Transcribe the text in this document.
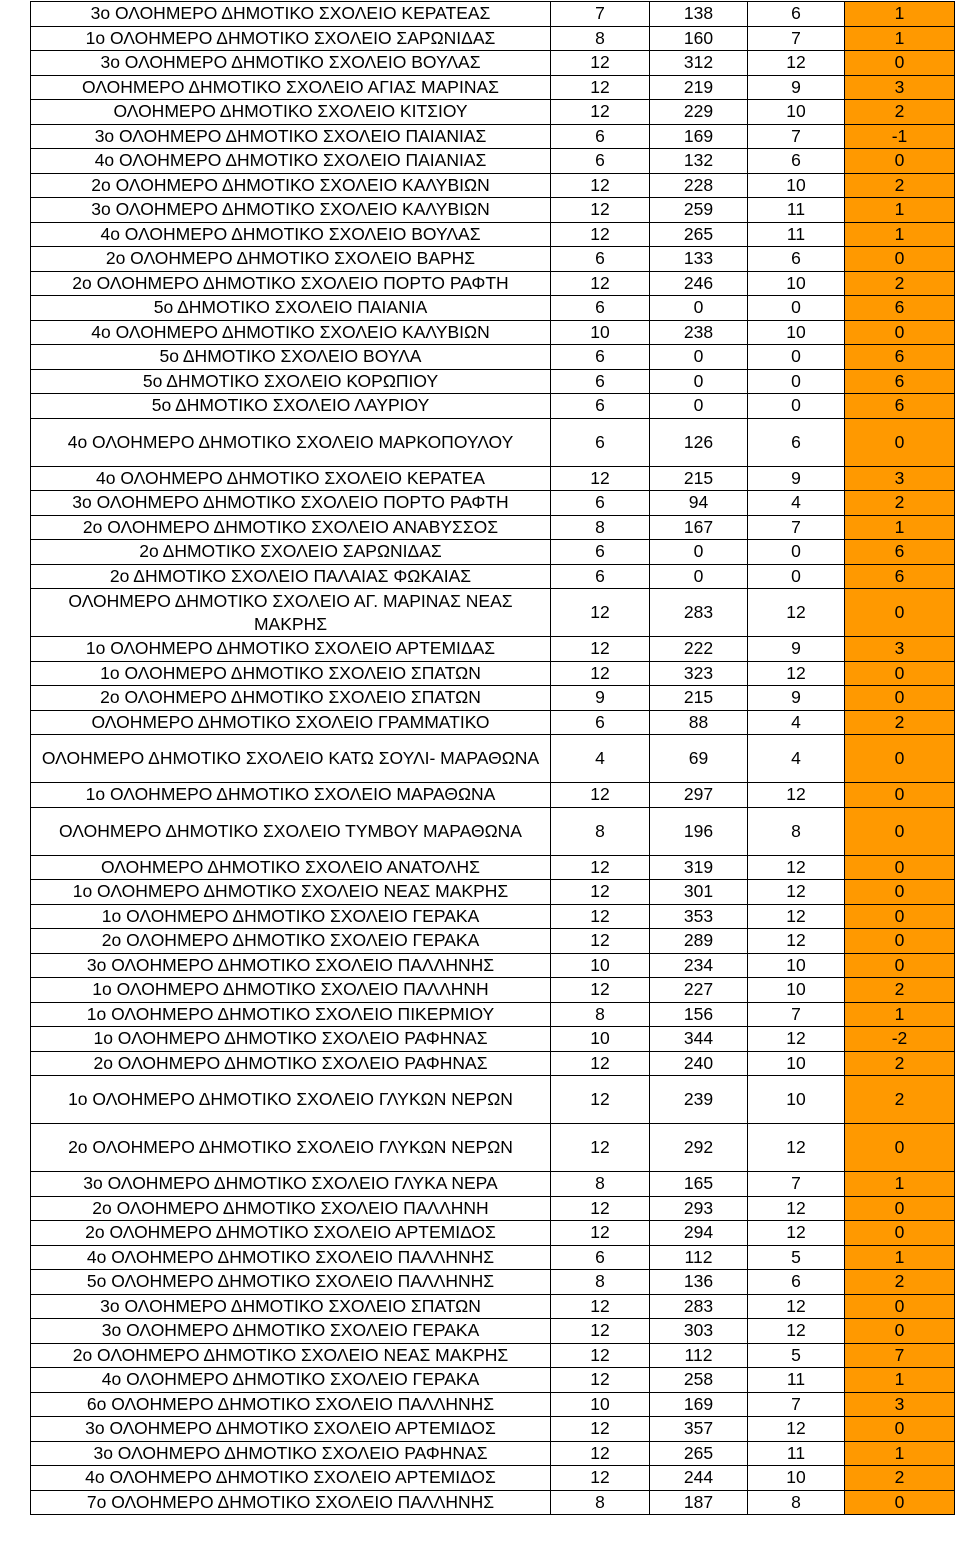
3ο ΟΛΟΗΜΕΡΟ ΔΗΜΟΤΙΚΟ ΣΧΟΛΕΙΟ ΚΕΡΑΤΕΑΣ	7	138	6	1
1ο ΟΛΟΗΜΕΡΟ ΔΗΜΟΤΙΚΟ ΣΧΟΛΕΙΟ ΣΑΡΩΝΙΔΑΣ	8	160	7	1
3ο ΟΛΟΗΜΕΡΟ ΔΗΜΟΤΙΚΟ ΣΧΟΛΕΙΟ ΒΟΥΛΑΣ	12	312	12	0
ΟΛΟΗΜΕΡΟ ΔΗΜΟΤΙΚΟ ΣΧΟΛΕΙΟ ΑΓΙΑΣ ΜΑΡΙΝΑΣ	12	219	9	3
ΟΛΟΗΜΕΡΟ ΔΗΜΟΤΙΚΟ ΣΧΟΛΕΙΟ ΚΙΤΣΙΟΥ	12	229	10	2
3ο ΟΛΟΗΜΕΡΟ ΔΗΜΟΤΙΚΟ ΣΧΟΛΕΙΟ ΠΑΙΑΝΙΑΣ	6	169	7	-1
4ο ΟΛΟΗΜΕΡΟ ΔΗΜΟΤΙΚΟ ΣΧΟΛΕΙΟ ΠΑΙΑΝΙΑΣ	6	132	6	0
2ο ΟΛΟΗΜΕΡΟ ΔΗΜΟΤΙΚΟ ΣΧΟΛΕΙΟ ΚΑΛΥΒΙΩΝ	12	228	10	2
3ο ΟΛΟΗΜΕΡΟ ΔΗΜΟΤΙΚΟ ΣΧΟΛΕΙΟ ΚΑΛΥΒΙΩΝ	12	259	11	1
4ο ΟΛΟΗΜΕΡΟ ΔΗΜΟΤΙΚΟ ΣΧΟΛΕΙΟ ΒΟΥΛΑΣ	12	265	11	1
2ο ΟΛΟΗΜΕΡΟ ΔΗΜΟΤΙΚΟ ΣΧΟΛΕΙΟ ΒΑΡΗΣ	6	133	6	0
2ο ΟΛΟΗΜΕΡΟ ΔΗΜΟΤΙΚΟ ΣΧΟΛΕΙΟ ΠΟΡΤΟ ΡΑΦΤΗ	12	246	10	2
5ο ΔΗΜΟΤΙΚΟ ΣΧΟΛΕΙΟ ΠΑΙΑΝΙΑ	6	0	0	6
4ο ΟΛΟΗΜΕΡΟ ΔΗΜΟΤΙΚΟ ΣΧΟΛΕΙΟ ΚΑΛΥΒΙΩΝ	10	238	10	0
5ο ΔΗΜΟΤΙΚΟ ΣΧΟΛΕΙΟ ΒΟΥΛΑ	6	0	0	6
5ο ΔΗΜΟΤΙΚΟ ΣΧΟΛΕΙΟ ΚΟΡΩΠΙΟΥ	6	0	0	6
5ο ΔΗΜΟΤΙΚΟ ΣΧΟΛΕΙΟ ΛΑΥΡΙΟΥ	6	0	0	6
4ο ΟΛΟΗΜΕΡΟ ΔΗΜΟΤΙΚΟ ΣΧΟΛΕΙΟ ΜΑΡΚΟΠΟΥΛΟΥ	6	126	6	0
4ο ΟΛΟΗΜΕΡΟ ΔΗΜΟΤΙΚΟ ΣΧΟΛΕΙΟ ΚΕΡΑΤΕΑ	12	215	9	3
3ο ΟΛΟΗΜΕΡΟ ΔΗΜΟΤΙΚΟ ΣΧΟΛΕΙΟ ΠΟΡΤΟ ΡΑΦΤΗ	6	94	4	2
2ο ΟΛΟΗΜΕΡΟ ΔΗΜΟΤΙΚΟ ΣΧΟΛΕΙΟ ΑΝΑΒΥΣΣΟΣ	8	167	7	1
2ο ΔΗΜΟΤΙΚΟ ΣΧΟΛΕΙΟ ΣΑΡΩΝΙΔΑΣ	6	0	0	6
2ο ΔΗΜΟΤΙΚΟ ΣΧΟΛΕΙΟ ΠΑΛΑΙΑΣ ΦΩΚΑΙΑΣ	6	0	0	6
ΟΛΟΗΜΕΡΟ ΔΗΜΟΤΙΚΟ ΣΧΟΛΕΙΟ ΑΓ. ΜΑΡΙΝΑΣ ΝΕΑΣ ΜΑΚΡΗΣ	12	283	12	0
1ο ΟΛΟΗΜΕΡΟ ΔΗΜΟΤΙΚΟ ΣΧΟΛΕΙΟ ΑΡΤΕΜΙΔΑΣ	12	222	9	3
1ο ΟΛΟΗΜΕΡΟ ΔΗΜΟΤΙΚΟ ΣΧΟΛΕΙΟ ΣΠΑΤΩΝ	12	323	12	0
2ο ΟΛΟΗΜΕΡΟ ΔΗΜΟΤΙΚΟ ΣΧΟΛΕΙΟ ΣΠΑΤΩΝ	9	215	9	0
ΟΛΟΗΜΕΡΟ ΔΗΜΟΤΙΚΟ ΣΧΟΛΕΙΟ ΓΡΑΜΜΑΤΙΚΟ	6	88	4	2
ΟΛΟΗΜΕΡΟ ΔΗΜΟΤΙΚΟ ΣΧΟΛΕΙΟ ΚΑΤΩ ΣΟΥΛΙ- ΜΑΡΑΘΩΝΑ	4	69	4	0
1ο ΟΛΟΗΜΕΡΟ ΔΗΜΟΤΙΚΟ ΣΧΟΛΕΙΟ ΜΑΡΑΘΩΝΑ	12	297	12	0
ΟΛΟΗΜΕΡΟ ΔΗΜΟΤΙΚΟ ΣΧΟΛΕΙΟ ΤΥΜΒΟΥ ΜΑΡΑΘΩΝΑ	8	196	8	0
ΟΛΟΗΜΕΡΟ ΔΗΜΟΤΙΚΟ ΣΧΟΛΕΙΟ ΑΝΑΤΟΛΗΣ	12	319	12	0
1ο ΟΛΟΗΜΕΡΟ ΔΗΜΟΤΙΚΟ ΣΧΟΛΕΙΟ ΝΕΑΣ ΜΑΚΡΗΣ	12	301	12	0
1ο ΟΛΟΗΜΕΡΟ ΔΗΜΟΤΙΚΟ ΣΧΟΛΕΙΟ ΓΕΡΑΚΑ	12	353	12	0
2ο ΟΛΟΗΜΕΡΟ ΔΗΜΟΤΙΚΟ ΣΧΟΛΕΙΟ ΓΕΡΑΚΑ	12	289	12	0
3ο ΟΛΟΗΜΕΡΟ ΔΗΜΟΤΙΚΟ ΣΧΟΛΕΙΟ ΠΑΛΛΗΝΗΣ	10	234	10	0
1ο ΟΛΟΗΜΕΡΟ ΔΗΜΟΤΙΚΟ ΣΧΟΛΕΙΟ ΠΑΛΛΗΝΗ	12	227	10	2
1ο ΟΛΟΗΜΕΡΟ ΔΗΜΟΤΙΚΟ ΣΧΟΛΕΙΟ ΠΙΚΕΡΜΙΟΥ	8	156	7	1
1ο ΟΛΟΗΜΕΡΟ ΔΗΜΟΤΙΚΟ ΣΧΟΛΕΙΟ ΡΑΦΗΝΑΣ	10	344	12	-2
2ο ΟΛΟΗΜΕΡΟ ΔΗΜΟΤΙΚΟ ΣΧΟΛΕΙΟ ΡΑΦΗΝΑΣ	12	240	10	2
1ο ΟΛΟΗΜΕΡΟ ΔΗΜΟΤΙΚΟ ΣΧΟΛΕΙΟ ΓΛΥΚΩΝ ΝΕΡΩΝ	12	239	10	2
2ο ΟΛΟΗΜΕΡΟ ΔΗΜΟΤΙΚΟ ΣΧΟΛΕΙΟ ΓΛΥΚΩΝ ΝΕΡΩΝ	12	292	12	0
3ο ΟΛΟΗΜΕΡΟ ΔΗΜΟΤΙΚΟ ΣΧΟΛΕΙΟ ΓΛΥΚΑ ΝΕΡΑ	8	165	7	1
2ο ΟΛΟΗΜΕΡΟ ΔΗΜΟΤΙΚΟ ΣΧΟΛΕΙΟ ΠΑΛΛΗΝΗ	12	293	12	0
2ο ΟΛΟΗΜΕΡΟ ΔΗΜΟΤΙΚΟ ΣΧΟΛΕΙΟ ΑΡΤΕΜΙΔΟΣ	12	294	12	0
4ο ΟΛΟΗΜΕΡΟ ΔΗΜΟΤΙΚΟ ΣΧΟΛΕΙΟ ΠΑΛΛΗΝΗΣ	6	112	5	1
5ο ΟΛΟΗΜΕΡΟ ΔΗΜΟΤΙΚΟ ΣΧΟΛΕΙΟ ΠΑΛΛΗΝΗΣ	8	136	6	2
3ο ΟΛΟΗΜΕΡΟ ΔΗΜΟΤΙΚΟ ΣΧΟΛΕΙΟ ΣΠΑΤΩΝ	12	283	12	0
3ο ΟΛΟΗΜΕΡΟ ΔΗΜΟΤΙΚΟ ΣΧΟΛΕΙΟ ΓΕΡΑΚΑ	12	303	12	0
2ο ΟΛΟΗΜΕΡΟ ΔΗΜΟΤΙΚΟ ΣΧΟΛΕΙΟ ΝΕΑΣ ΜΑΚΡΗΣ	12	112	5	7
4ο ΟΛΟΗΜΕΡΟ ΔΗΜΟΤΙΚΟ ΣΧΟΛΕΙΟ ΓΕΡΑΚΑ	12	258	11	1
6ο ΟΛΟΗΜΕΡΟ ΔΗΜΟΤΙΚΟ ΣΧΟΛΕΙΟ ΠΑΛΛΗΝΗΣ	10	169	7	3
3ο ΟΛΟΗΜΕΡΟ ΔΗΜΟΤΙΚΟ ΣΧΟΛΕΙΟ ΑΡΤΕΜΙΔΟΣ	12	357	12	0
3ο ΟΛΟΗΜΕΡΟ ΔΗΜΟΤΙΚΟ ΣΧΟΛΕΙΟ ΡΑΦΗΝΑΣ	12	265	11	1
4ο ΟΛΟΗΜΕΡΟ ΔΗΜΟΤΙΚΟ ΣΧΟΛΕΙΟ ΑΡΤΕΜΙΔΟΣ	12	244	10	2
7ο ΟΛΟΗΜΕΡΟ ΔΗΜΟΤΙΚΟ ΣΧΟΛΕΙΟ ΠΑΛΛΗΝΗΣ	8	187	8	0
